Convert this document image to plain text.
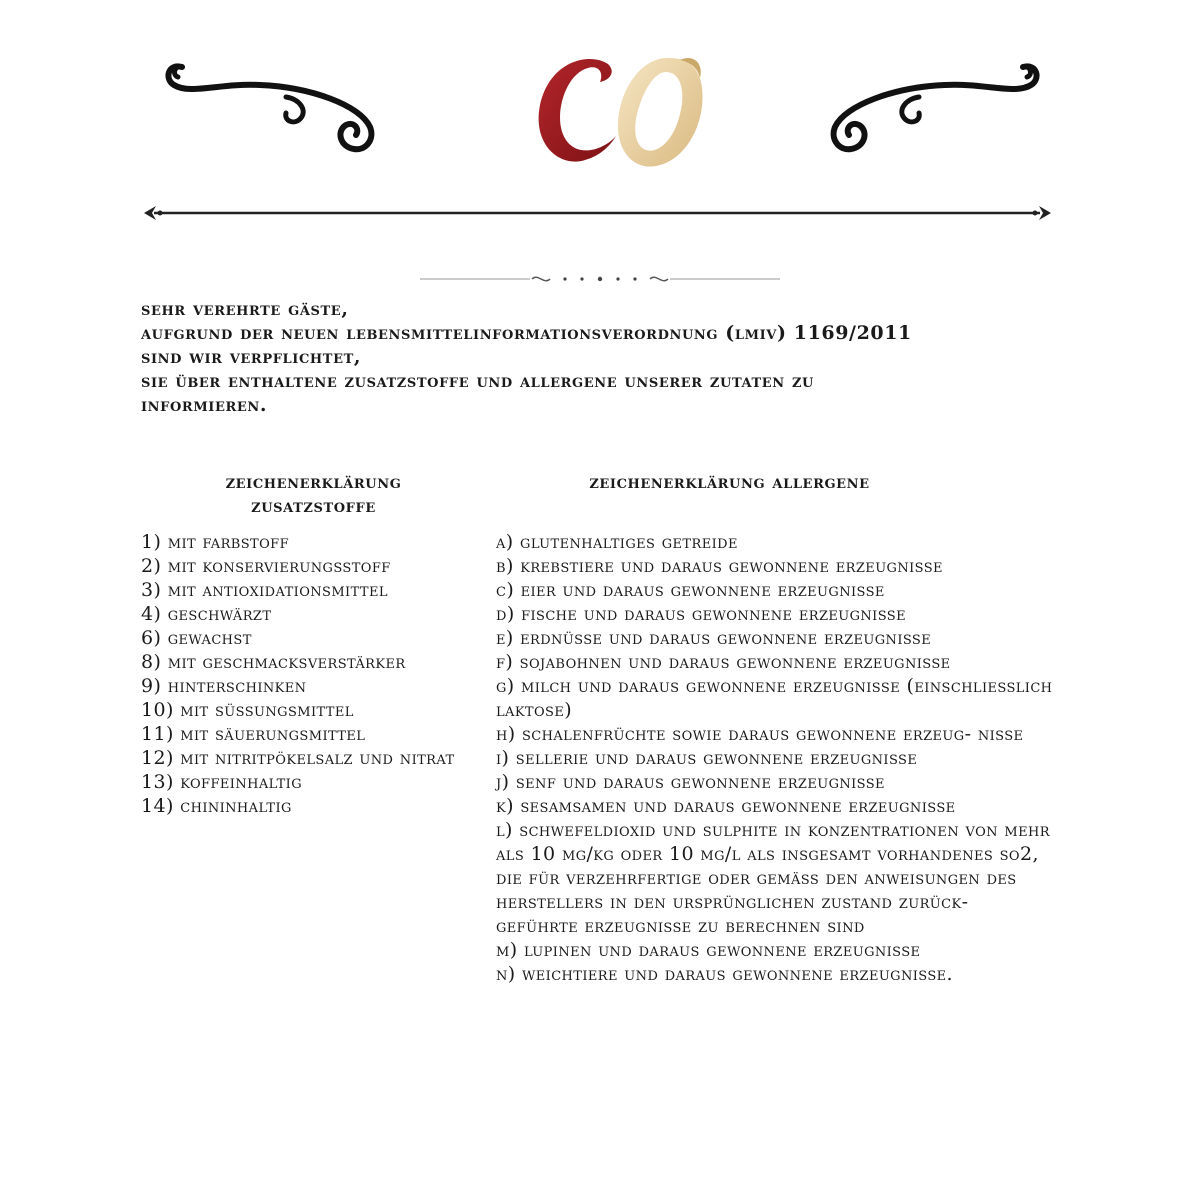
sehr verehrte gäste,
aufgrund der neuen lebensmittelinformationsverordnung (lmiv) 1169/2011
sind wir verpflichtet,
sie über enthaltene zusatzstoffe und allergene unserer zutaten zu
informieren.
zeichenerklärung
zusatzstoffe
zeichenerklärung allergene
1) mit farbstoff
2) mit konservierungsstoff
3) mit antioxidationsmittel
4) geschwärzt
6) gewachst
8) mit geschmacksverstärker
9) hinterschinken
10) mit süssungsmittel
11) mit säuerungsmittel
12) mit nitritpökelsalz und nitrat
13) koffeinhaltig
14) chininhaltig
a) glutenhaltiges getreide
b) krebstiere und daraus gewonnene erzeugnisse
c) eier und daraus gewonnene erzeugnisse
d) fische und daraus gewonnene erzeugnisse
e) erdnüsse und daraus gewonnene erzeugnisse
f) sojabohnen und daraus gewonnene erzeugnisse
g) milch und daraus gewonnene erzeugnisse (einschliesslich laktose)
h) schalenfrüchte sowie daraus gewonnene erzeug- nisse
i) sellerie und daraus gewonnene erzeugnisse
j) senf und daraus gewonnene erzeugnisse
k) sesamsamen und daraus gewonnene erzeugnisse
l) schwefeldioxid und sulphite in konzentrationen von mehr als 10 mg/kg oder 10 mg/l als insgesamt vorhandenes so2, die für verzehrfertige oder gemäss den anweisungen des herstellers in den ursprünglichen zustand zurück- geführte erzeugnisse zu berechnen sind
m) lupinen und daraus gewonnene erzeugnisse
n) weichtiere und daraus gewonnene erzeugnisse.
